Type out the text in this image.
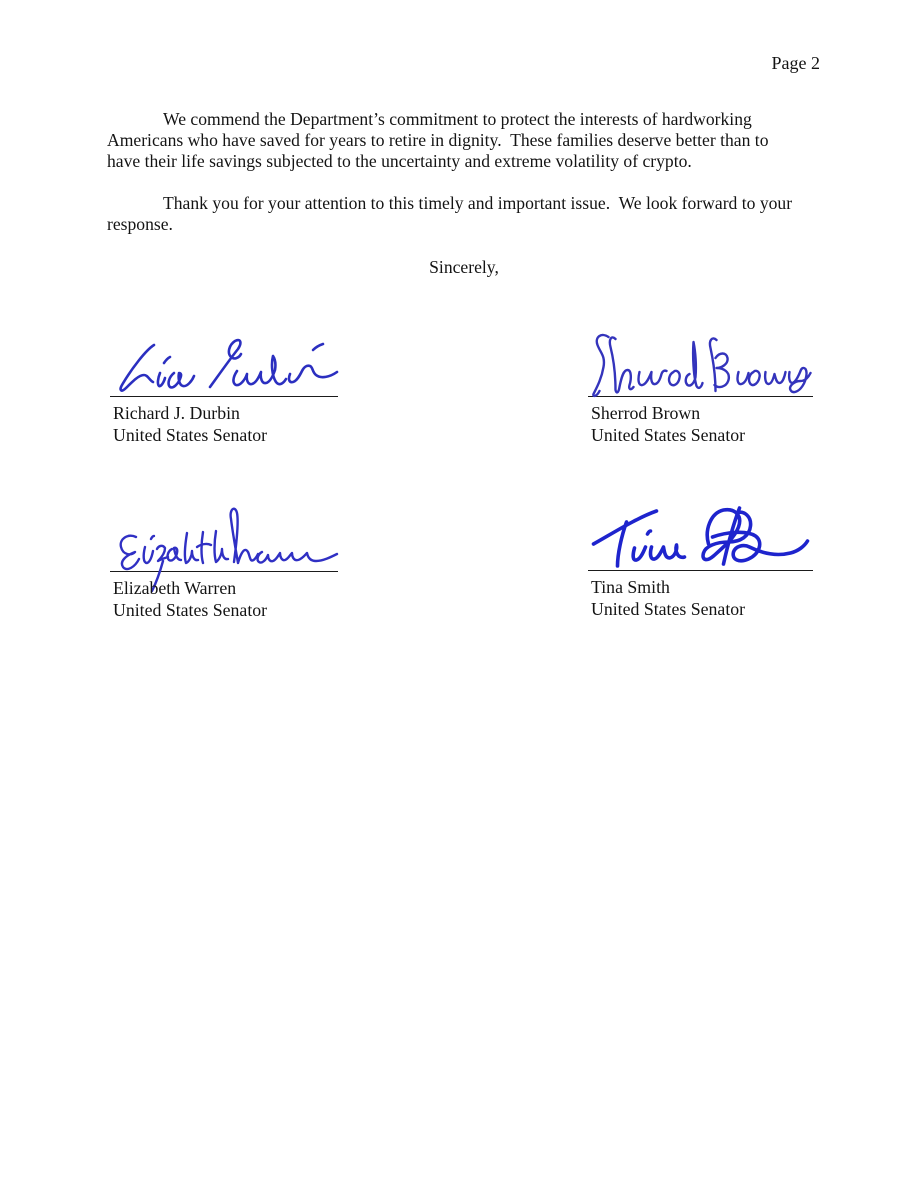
Page 2
We commend the Department’s commitment to protect the interests of hardworking
Americans who have saved for years to retire in dignity.  These families deserve better than to
have their life savings subjected to the uncertainty and extreme volatility of crypto.
Thank you for your attention to this timely and important issue.  We look forward to your
response.
Sincerely,
Richard J. Durbin
United States Senator
Sherrod Brown
United States Senator
Elizabeth Warren
United States Senator
Tina Smith
United States Senator
